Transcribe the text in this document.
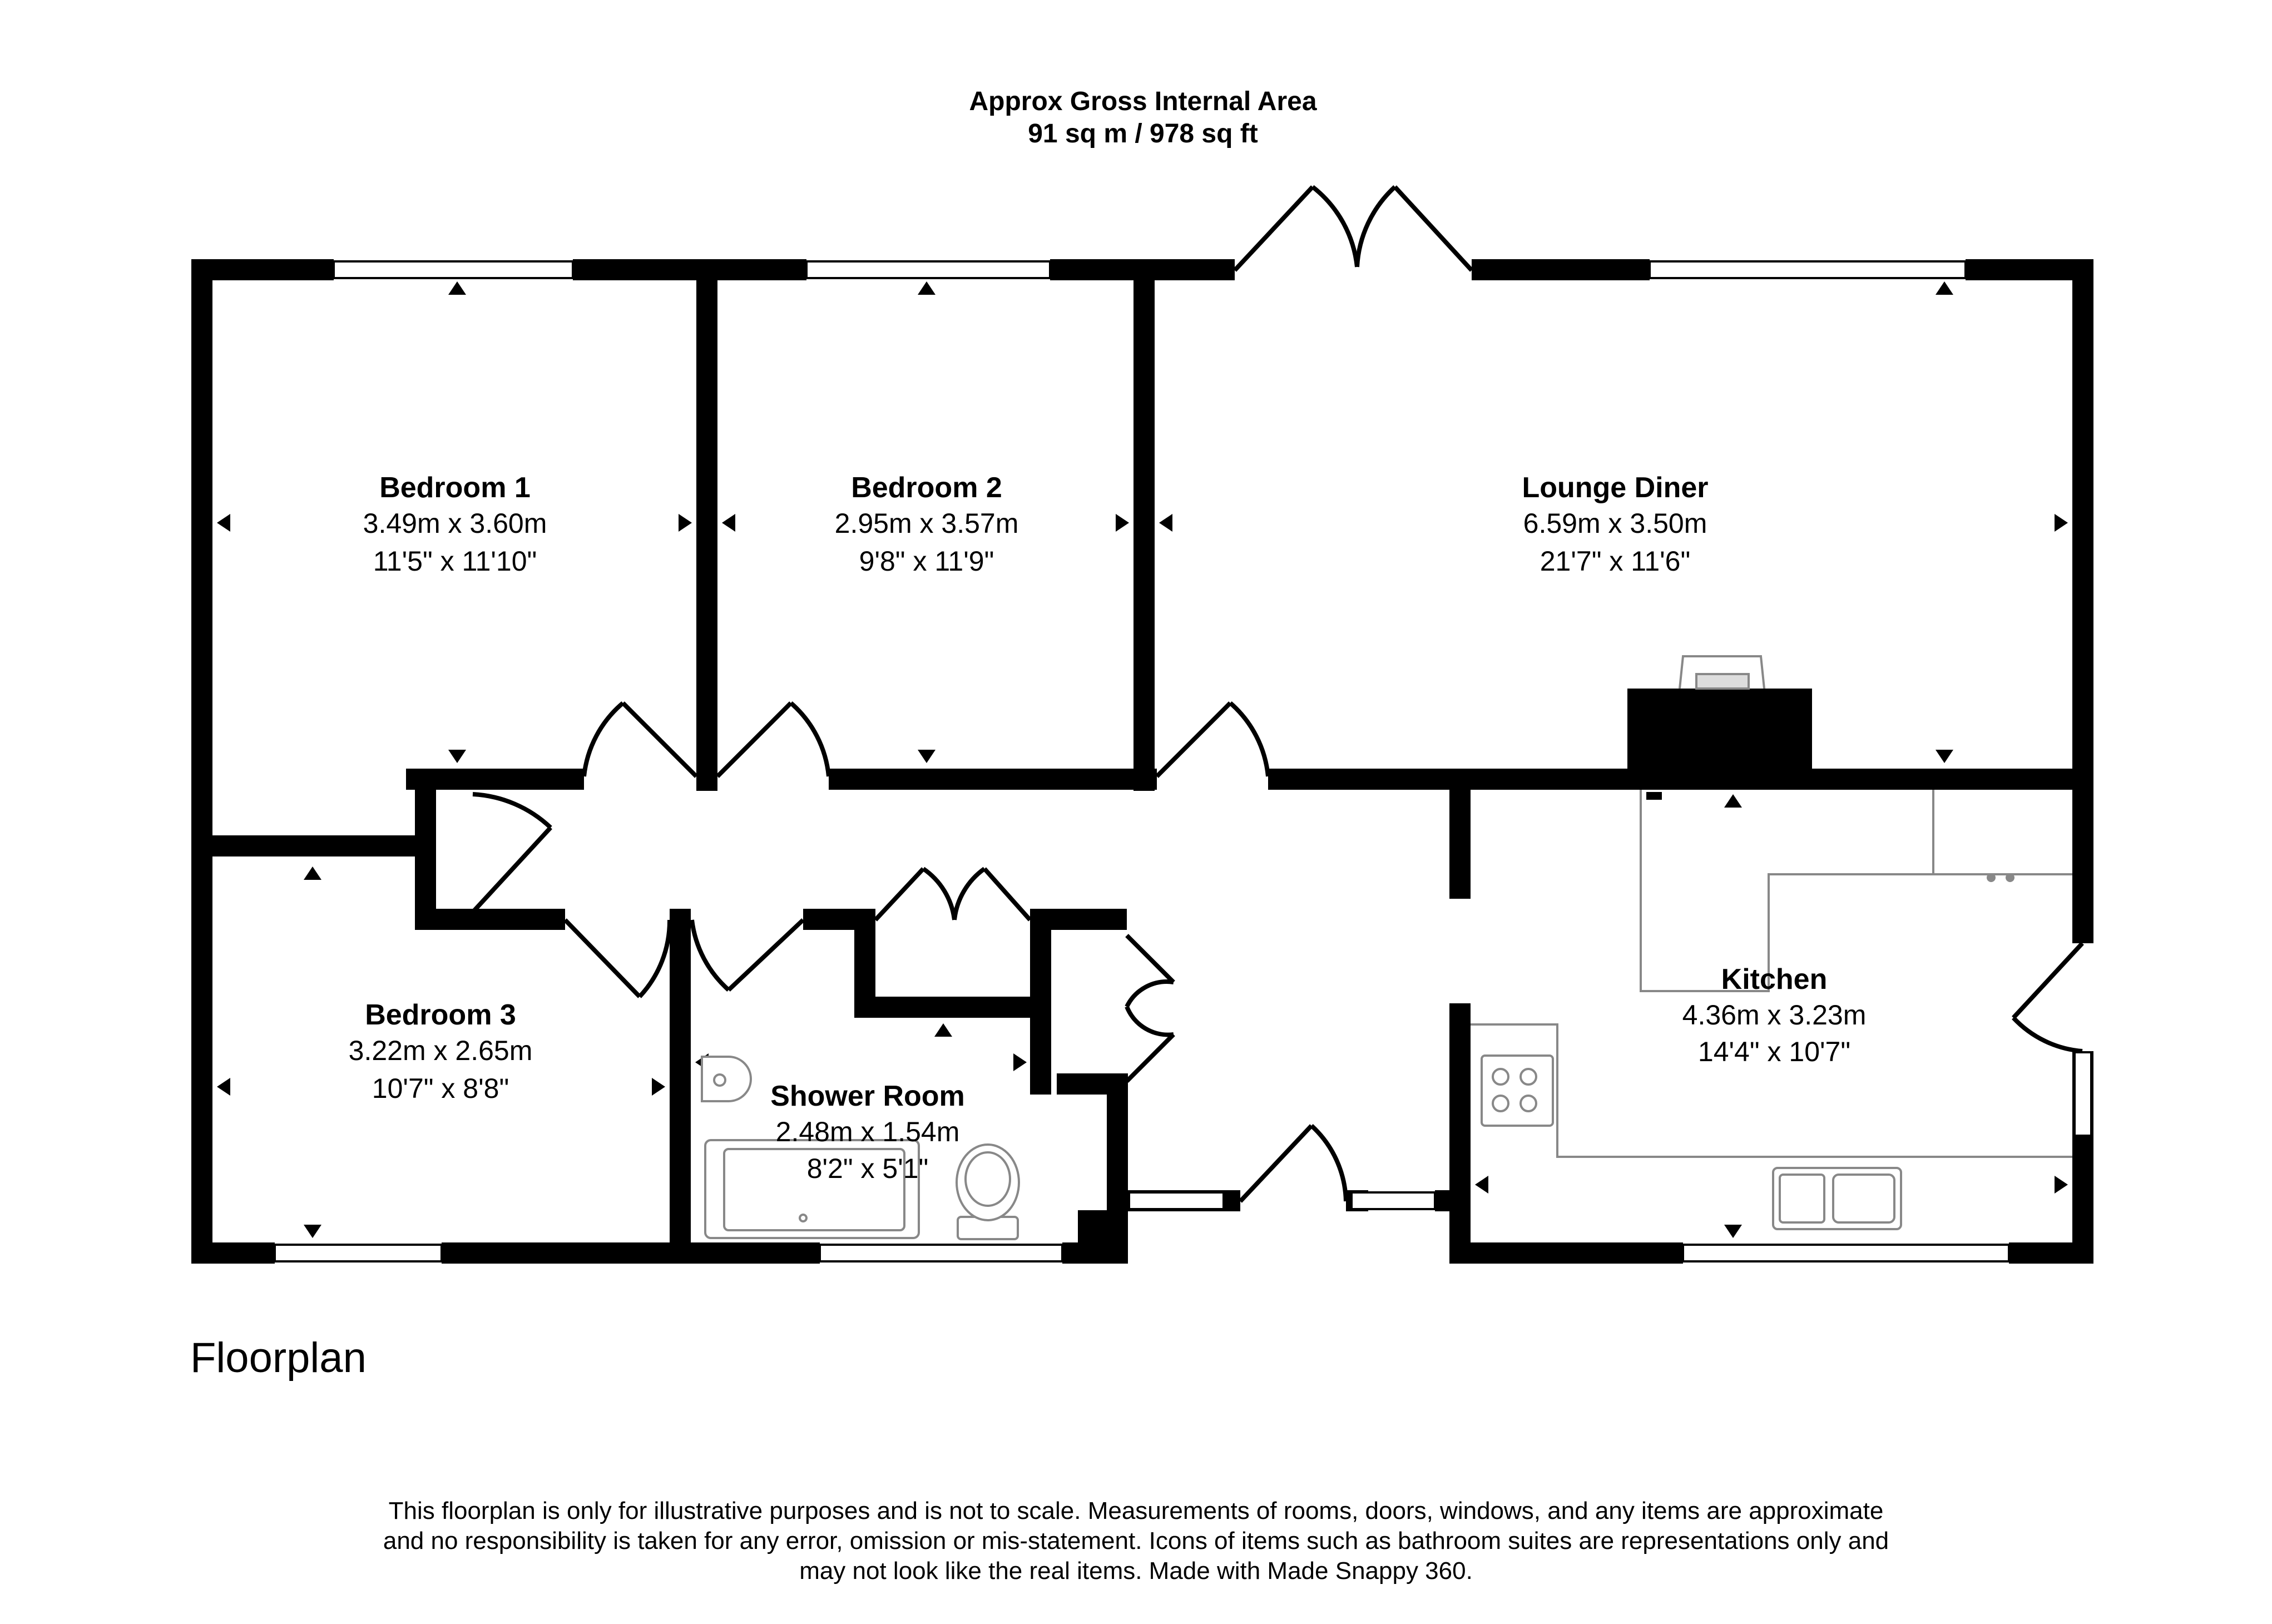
Approx Gross Internal Area
91 sq m / 978 sq ft
Bedroom 1
3.49m x 3.60m
11'5" x 11'10"
Bedroom 2
2.95m x 3.57m
9'8" x 11'9"
Lounge Diner
6.59m x 3.50m
21'7" x 11'6"
Bedroom 3
3.22m x 2.65m
10'7" x 8'8"	Shower Room
2.48m x 1.54m
8'2" x 5'1"
Kitchen
4.36m x 3.23m
14'4" x 10'7"
Floorplan
This floorplan is only for illustrative purposes and is not to scale. Measurements of rooms, doors, windows, and any items are approximate
and no responsibility is taken for any error, omission or mis-statement. Icons of items such as bathroom suites are representations only and
may not look like the real items. Made with Made Snappy 360.
